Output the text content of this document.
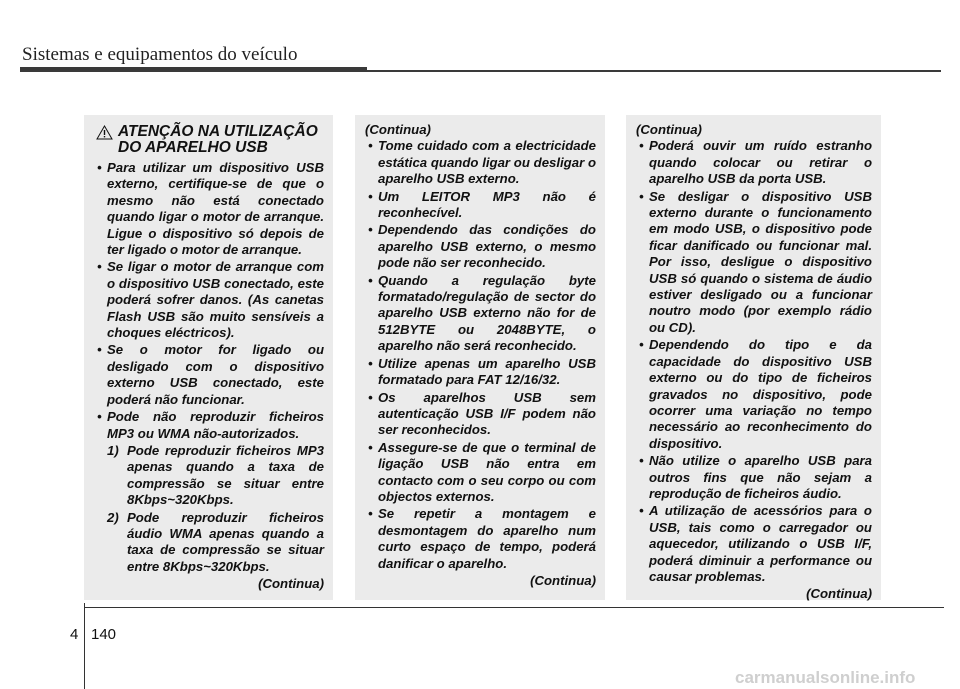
Sistemas e equipamentos do veículo
ATENÇÃO NA UTILIZAÇÃO DO APARELHO USB
• Para utilizar um dispositivo USB externo, certifique-se de que o mesmo não está conectado quando ligar o motor de arranque. Ligue o dispositivo só depois de ter ligado o motor de arranque.
• Se ligar o motor de arranque com o dispositivo USB conectado, este poderá sofrer danos. (As canetas Flash USB são muito sensíveis a choques eléctricos).
• Se o motor for ligado ou desligado com o dispositivo externo USB conectado, este poderá não funcionar.
• Pode não reproduzir ficheiros MP3 ou WMA não-autorizados.
1) Pode reproduzir ficheiros MP3 apenas quando a taxa de compressão se situar entre 8Kbps~320Kbps.
2) Pode reproduzir ficheiros áudio WMA apenas quando a taxa de compressão se situar entre 8Kbps~320Kbps.
(Continua)
(Continua)
• Tome cuidado com a electricidade estática quando ligar ou desligar o aparelho USB externo.
• Um LEITOR MP3 não é reconhecível.
• Dependendo das condições do aparelho USB externo, o mesmo pode não ser reconhecido.
• Quando a regulação byte formatado/regulação de sector do aparelho USB externo não for de 512BYTE ou 2048BYTE, o aparelho não será reconhecido.
• Utilize apenas um aparelho USB formatado para FAT 12/16/32.
• Os aparelhos USB sem autenticação USB I/F podem não ser reconhecidos.
• Assegure-se de que o terminal de ligação USB não entra em contacto com o seu corpo ou com objectos externos.
• Se repetir a montagem e desmontagem do aparelho num curto espaço de tempo, poderá danificar o aparelho.
(Continua)
(Continua)
• Poderá ouvir um ruído estranho quando colocar ou retirar o aparelho USB da porta USB.
• Se desligar o dispositivo USB externo durante o funcionamento em modo USB, o dispositivo pode ficar danificado ou funcionar mal. Por isso, desligue o dispositivo USB só quando o sistema de áudio estiver desligado ou a funcionar noutro modo (por exemplo rádio ou CD).
• Dependendo do tipo e da capacidade do dispositivo USB externo ou do tipo de ficheiros gravados no dispositivo, pode ocorrer uma variação no tempo necessário ao reconhecimento do dispositivo.
• Não utilize o aparelho USB para outros fins que não sejam a reprodução de ficheiros áudio.
• A utilização de acessórios para o USB, tais como o carregador ou aquecedor, utilizando o USB I/F, poderá diminuir a performance ou causar problemas.
(Continua)
4 140
carmanualsonline.info
